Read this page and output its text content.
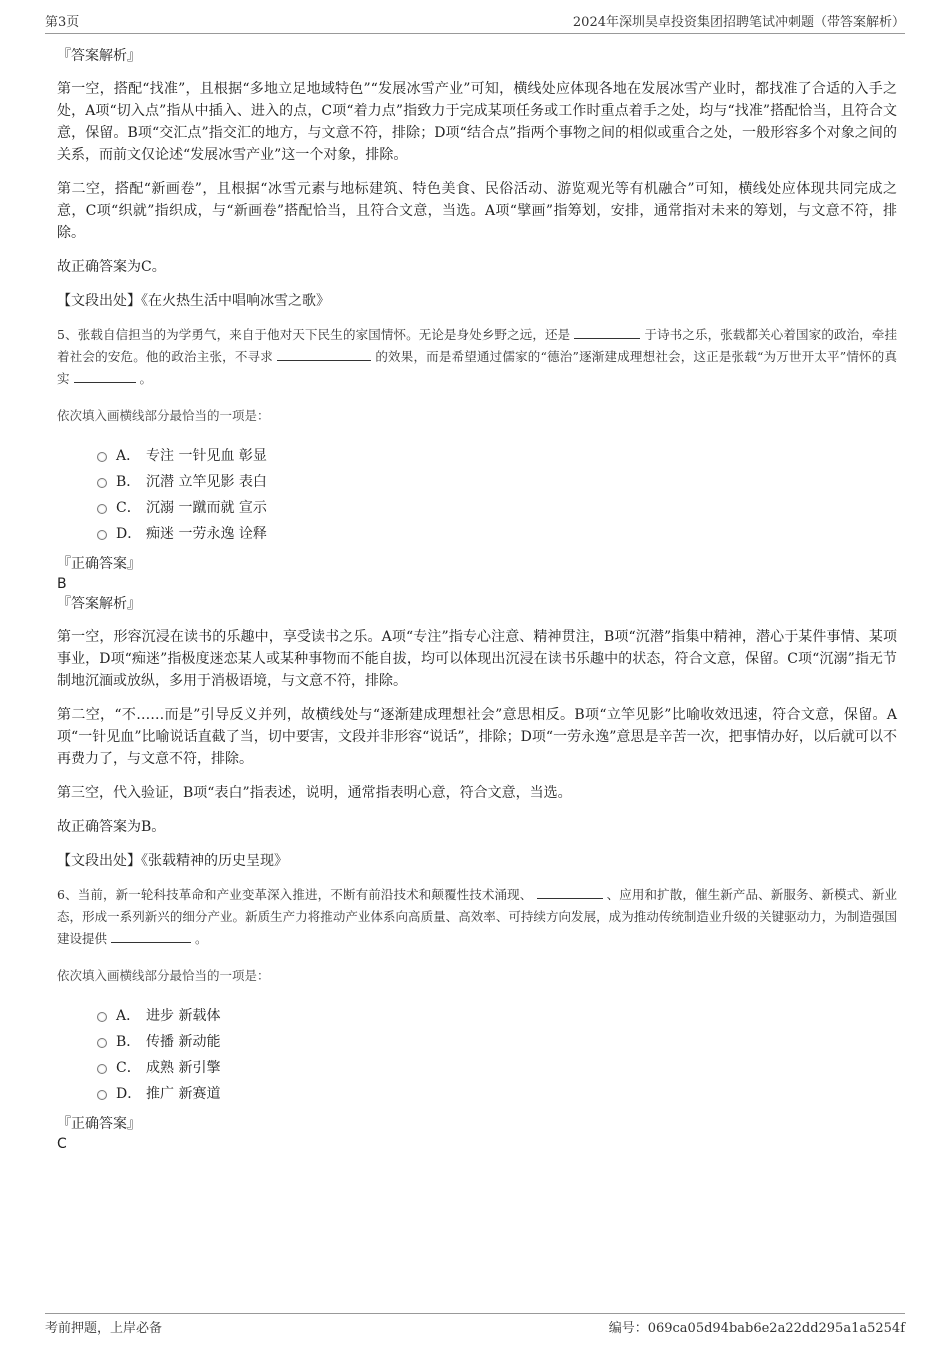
第3页	2024年深圳昊卓投资集团招聘笔试冲刺题（带答案解析）
『答案解析』
第一空，搭配“找准”，且根据“多地立足地域特色”“发展冰雪产业”可知，横线处应体现各地在发展冰雪产业时，都找准了合适的入手之处，A项“切入点”指从中插入、进入的点，C项“着力点”指致力于完成某项任务或工作时重点着手之处，均与“找准”搭配恰当，且符合文意，保留。B项“交汇点”指交汇的地方，与文意不符，排除；D项“结合点”指两个事物之间的相似或重合之处，一般形容多个对象之间的关系，而前文仅论述“发展冰雪产业”这一个对象，排除。
第二空，搭配“新画卷”，且根据“冰雪元素与地标建筑、特色美食、民俗活动、游览观光等有机融合”可知，横线处应体现共同完成之意，C项“织就”指织成，与“新画卷”搭配恰当，且符合文意，当选。A项“擘画”指筹划，安排，通常指对未来的筹划，与文意不符，排除。
故正确答案为C。
【文段出处】《在火热生活中唱响冰雪之歌》
5、张载自信担当的为学勇气，来自于他对天下民生的家国情怀。无论是身处乡野之远，还是	于诗书之乐，张载都关心着国家的政治，牵挂着社会的安危。他的政治主张，不寻求	的效果，而是希望通过儒家的“德治”逐渐建成理想社会，这正是张载“为万世开太平”情怀的真实	。
依次填入画横线部分最恰当的一项是：
A． 专注 一针见血 彰显
B． 沉潜 立竿见影 表白
C． 沉溺 一蹴而就 宣示
D． 痴迷 一劳永逸 诠释
『正确答案』
B
『答案解析』
第一空，形容沉浸在读书的乐趣中，享受读书之乐。A项“专注”指专心注意、精神贯注，B项“沉潜”指集中精神，潜心于某件事情、某项事业，D项“痴迷”指极度迷恋某人或某种事物而不能自拔，均可以体现出沉浸在读书乐趣中的状态，符合文意，保留。C项“沉溺”指无节制地沉湎或放纵，多用于消极语境，与文意不符，排除。
第二空，“不……而是”引导反义并列，故横线处与“逐渐建成理想社会”意思相反。B项“立竿见影”比喻收效迅速，符合文意，保留。A项“一针见血”比喻说话直截了当，切中要害，文段并非形容“说话”，排除；D项“一劳永逸”意思是辛苦一次，把事情办好，以后就可以不再费力了，与文意不符，排除。
第三空，代入验证，B项“表白”指表述，说明，通常指表明心意，符合文意，当选。
故正确答案为B。
【文段出处】《张载精神的历史呈现》
6、当前，新一轮科技革命和产业变革深入推进，不断有前沿技术和颠覆性技术涌现、	、应用和扩散，催生新产品、新服务、新模式、新业态，形成一系列新兴的细分产业。新质生产力将推动产业体系向高质量、高效率、可持续方向发展，成为推动传统制造业升级的关键驱动力，为制造强国建设提供	。
依次填入画横线部分最恰当的一项是：
A． 进步 新载体
B． 传播 新动能
C． 成熟 新引擎
D． 推广 新赛道
『正确答案』
C
考前押题，上岸必备	编号：069ca05d94bab6e2a22dd295a1a5254f
